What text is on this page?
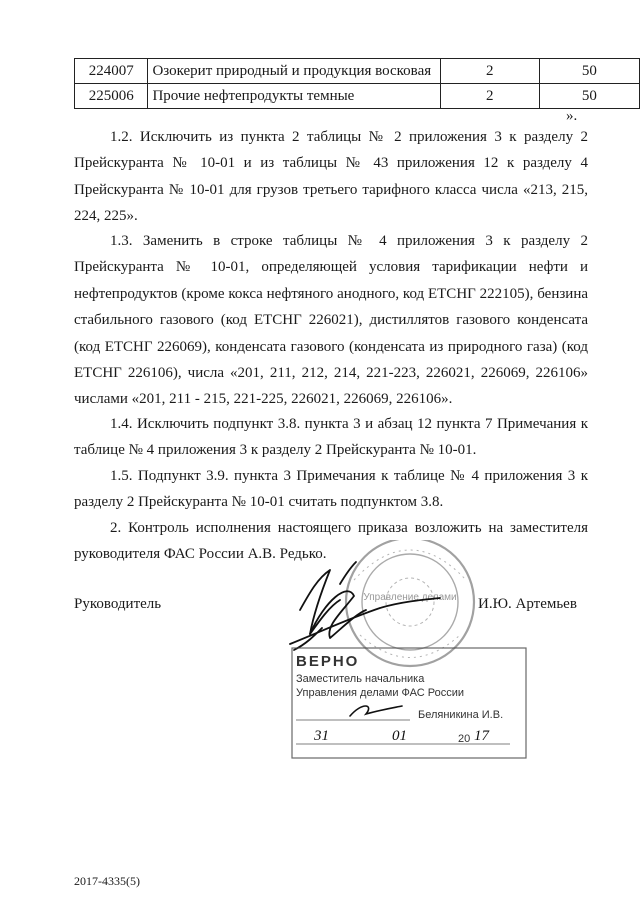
224007	Озокерит природный и продукция восковая	2	50
225006	Прочие нефтепродукты темные	2	50
».

1.2. Исключить из пункта 2 таблицы № 2 приложения 3 к разделу 2 Прейскуранта № 10-01 и из таблицы № 43 приложения 12 к разделу 4 Прейскуранта № 10-01 для грузов третьего тарифного класса числа «213, 215, 224, 225».

1.3. Заменить в строке таблицы № 4 приложения 3 к разделу 2 Прейскуранта № 10-01, определяющей условия тарификации нефти и нефтепродуктов (кроме кокса нефтяного анодного, код ЕТСНГ 222105), бензина стабильного газового (код ЕТСНГ 226021), дистиллятов газового конденсата (код ЕТСНГ 226069), конденсата газового (конденсата из природного газа) (код ЕТСНГ 226106), числа «201, 211, 212, 214, 221-223, 226021, 226069, 226106» числами «201, 211 - 215, 221-225, 226021, 226069, 226106».

1.4. Исключить подпункт 3.8. пункта 3 и абзац 12 пункта 7 Примечания к таблице № 4 приложения 3 к разделу 2 Прейскуранта № 10-01.

1.5. Подпункт 3.9. пункта 3 Примечания к таблице № 4 приложения 3 к разделу 2 Прейскуранта № 10-01 считать подпунктом 3.8.

2. Контроль исполнения настоящего приказа возложить на заместителя руководителя ФАС России А.В. Редько.

Руководитель	И.Ю. Артемьев
Управление делами
ВЕРНО
Заместитель начальника
Управления делами ФАС России
Беляникина И.В.
31	01	20 17
2017-4335(5)
